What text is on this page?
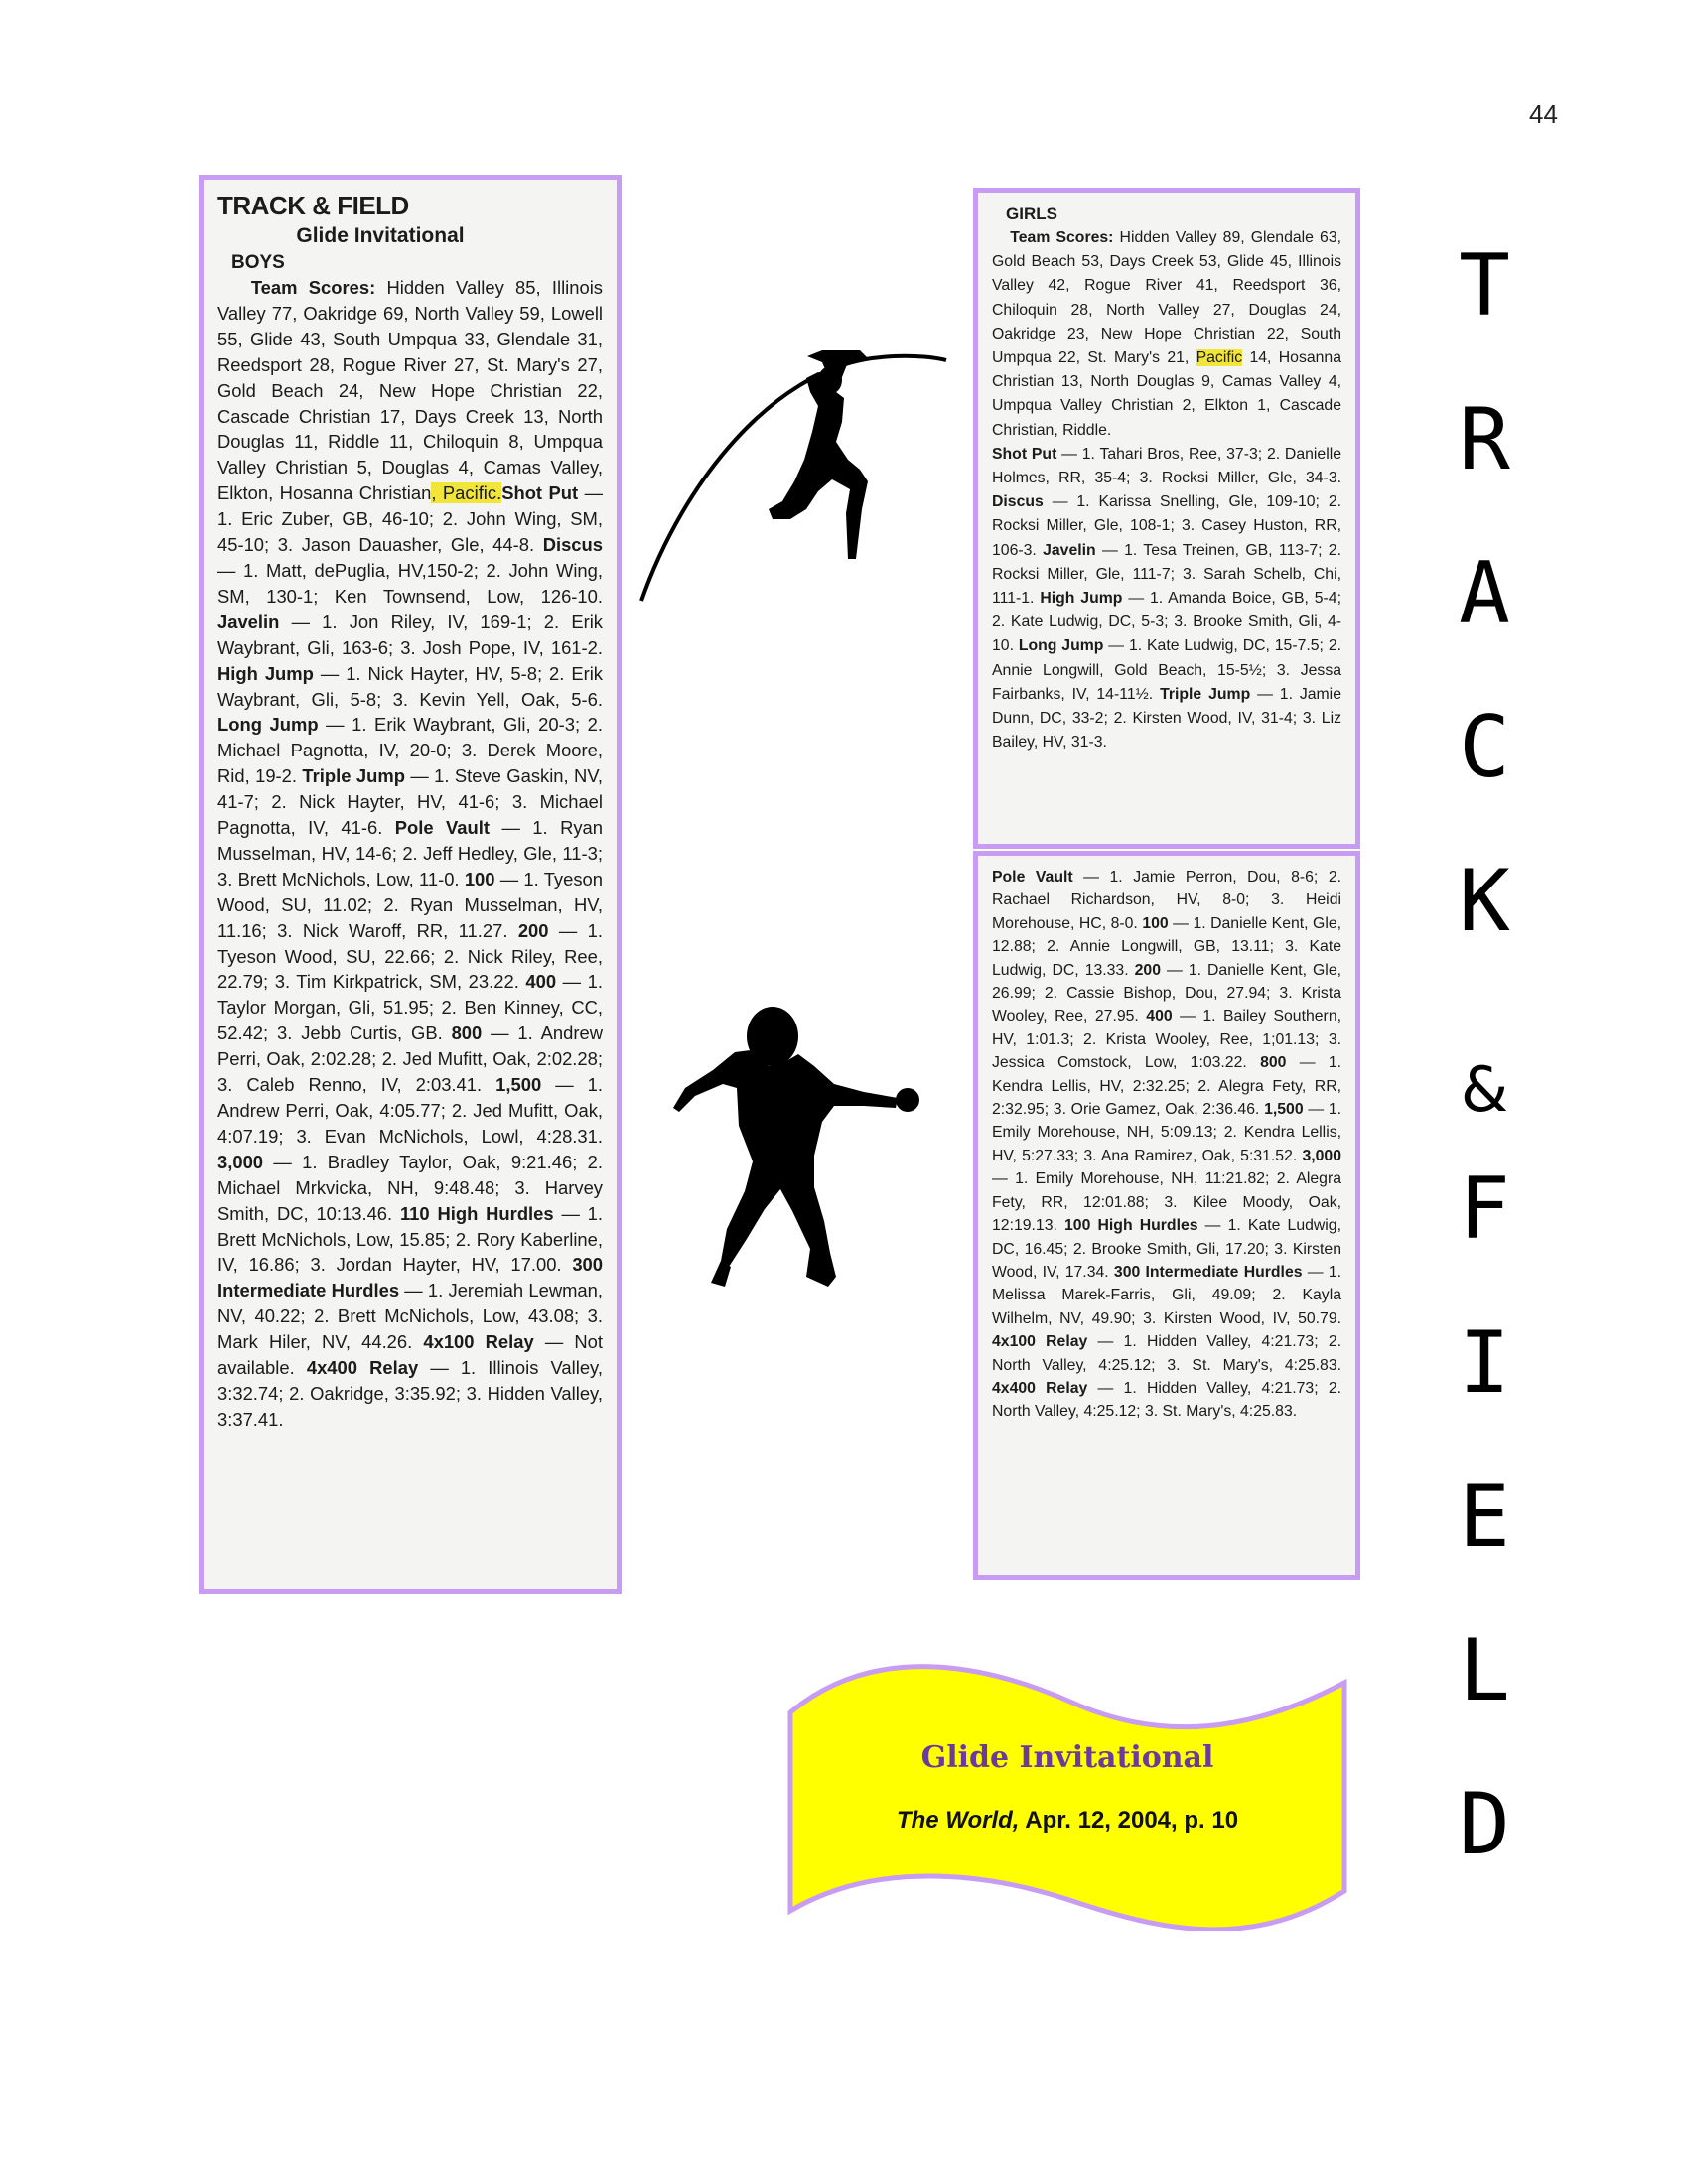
44
TRACK & FIELD
Glide Invitational
BOYS

Team Scores: Hidden Valley 85, Illinois Valley 77, Oakridge 69, North Valley 59, Lowell 55, Glide 43, South Umpqua 33, Glendale 31, Reedsport 28, Rogue River 27, St. Mary's 27, Gold Beach 24, New Hope Christian 22, Cascade Christian 17, Days Creek 13, North Douglas 11, Riddle 11, Chiloquin 8, Umpqua Valley Christian 5, Douglas 4, Camas Valley, Elkton, Hosanna Christian, Pacific.Shot Put — 1. Eric Zuber, GB, 46-10; 2. John Wing, SM, 45-10; 3. Jason Dauasher, Gle, 44-8. Discus — 1. Matt, dePuglia, HV,150-2; 2. John Wing, SM, 130-1; Ken Townsend, Low, 126-10. Javelin — 1. Jon Riley, IV, 169-1; 2. Erik Waybrant, Gli, 163-6; 3. Josh Pope, IV, 161-2. High Jump — 1. Nick Hayter, HV, 5-8; 2. Erik Waybrant, Gli, 5-8; 3. Kevin Yell, Oak, 5-6. Long Jump — 1. Erik Waybrant, Gli, 20-3; 2. Michael Pagnotta, IV, 20-0; 3. Derek Moore, Rid, 19-2. Triple Jump — 1. Steve Gaskin, NV, 41-7; 2. Nick Hayter, HV, 41-6; 3. Michael Pagnotta, IV, 41-6. Pole Vault — 1. Ryan Musselman, HV, 14-6; 2. Jeff Hedley, Gle, 11-3; 3. Brett McNichols, Low, 11-0. 100 — 1. Tyeson Wood, SU, 11.02; 2. Ryan Musselman, HV, 11.16; 3. Nick Waroff, RR, 11.27. 200 — 1. Tyeson Wood, SU, 22.66; 2. Nick Riley, Ree, 22.79; 3. Tim Kirkpatrick, SM, 23.22. 400 — 1. Taylor Morgan, Gli, 51.95; 2. Ben Kinney, CC, 52.42; 3. Jebb Curtis, GB. 800 — 1. Andrew Perri, Oak, 2:02.28; 2. Jed Mufitt, Oak, 2:02.28; 3. Caleb Renno, IV, 2:03.41. 1,500 — 1. Andrew Perri, Oak, 4:05.77; 2. Jed Mufitt, Oak, 4:07.19; 3. Evan McNichols, Lowl, 4:28.31. 3,000 — 1. Bradley Taylor, Oak, 9:21.46; 2. Michael Mrkvicka, NH, 9:48.48; 3. Harvey Smith, DC, 10:13.46. 110 High Hurdles — 1. Brett McNichols, Low, 15.85; 2. Rory Kaberline, IV, 16.86; 3. Jordan Hayter, HV, 17.00. 300 Intermediate Hurdles — 1. Jeremiah Lewman, NV, 40.22; 2. Brett McNichols, Low, 43.08; 3. Mark Hiler, NV, 44.26. 4x100 Relay — Not available. 4x400 Relay — 1. Illinois Valley, 3:32.74; 2. Oakridge, 3:35.92; 3. Hidden Valley, 3:37.41.

GIRLS

Team Scores: Hidden Valley 89, Glendale 63, Gold Beach 53, Days Creek 53, Glide 45, Illinois Valley 42, Rogue River 41, Reedsport 36, Chiloquin 28, North Valley 27, Douglas 24, Oakridge 23, New Hope Christian 22, South Umpqua 22, St. Mary's 21, Pacific 14, Hosanna Christian 13, North Douglas 9, Camas Valley 4, Umpqua Valley Christian 2, Elkton 1, Cascade Christian, Riddle.
Shot Put — 1. Tahari Bros, Ree, 37-3; 2. Danielle Holmes, RR, 35-4; 3. Rocksi Miller, Gle, 34-3. Discus — 1. Karissa Snelling, Gle, 109-10; 2. Rocksi Miller, Gle, 108-1; 3. Casey Huston, RR, 106-3. Javelin — 1. Tesa Treinen, GB, 113-7; 2. Rocksi Miller, Gle, 111-7; 3. Sarah Schelb, Chi, 111-1. High Jump — 1. Amanda Boice, GB, 5-4; 2. Kate Ludwig, DC, 5-3; 3. Brooke Smith, Gli, 4-10. Long Jump — 1. Kate Ludwig, DC, 15-7.5; 2. Annie Longwill, Gold Beach, 15-5½; 3. Jessa Fairbanks, IV, 14-11½. Triple Jump — 1. Jamie Dunn, DC, 33-2; 2. Kirsten Wood, IV, 31-4; 3. Liz Bailey, HV, 31-3.

Pole Vault — 1. Jamie Perron, Dou, 8-6; 2. Rachael Richardson, HV, 8-0; 3. Heidi Morehouse, HC, 8-0. 100 — 1. Danielle Kent, Gle, 12.88; 2. Annie Longwill, GB, 13.11; 3. Kate Ludwig, DC, 13.33. 200 — 1. Danielle Kent, Gle, 26.99; 2. Cassie Bishop, Dou, 27.94; 3. Krista Wooley, Ree, 27.95. 400 — 1. Bailey Southern, HV, 1:01.3; 2. Krista Wooley, Ree, 1;01.13; 3. Jessica Comstock, Low, 1:03.22. 800 — 1. Kendra Lellis, HV, 2:32.25; 2. Alegra Fety, RR, 2:32.95; 3. Orie Gamez, Oak, 2:36.46. 1,500 — 1. Emily Morehouse, NH, 5:09.13; 2. Kendra Lellis, HV, 5:27.33; 3. Ana Ramirez, Oak, 5:31.52. 3,000 — 1. Emily Morehouse, NH, 11:21.82; 2. Alegra Fety, RR, 12:01.88; 3. Kilee Moody, Oak, 12:19.13. 100 High Hurdles — 1. Kate Ludwig, DC, 16.45; 2. Brooke Smith, Gli, 17.20; 3. Kirsten Wood, IV, 17.34. 300 Intermediate Hurdles — 1. Melissa Marek-Farris, Gli, 49.09; 2. Kayla Wilhelm, NV, 49.90; 3. Kirsten Wood, IV, 50.79. 4x100 Relay — 1. Hidden Valley, 4:21.73; 2. North Valley, 4:25.12; 3. St. Mary's, 4:25.83. 4x400 Relay — 1. Hidden Valley, 4:21.73; 2. North Valley, 4:25.12; 3. St. Mary's, 4:25.83.

T
R
A
C
K
&
F
I
E
L
D
Glide Invitational
The World, Apr. 12, 2004, p. 10
